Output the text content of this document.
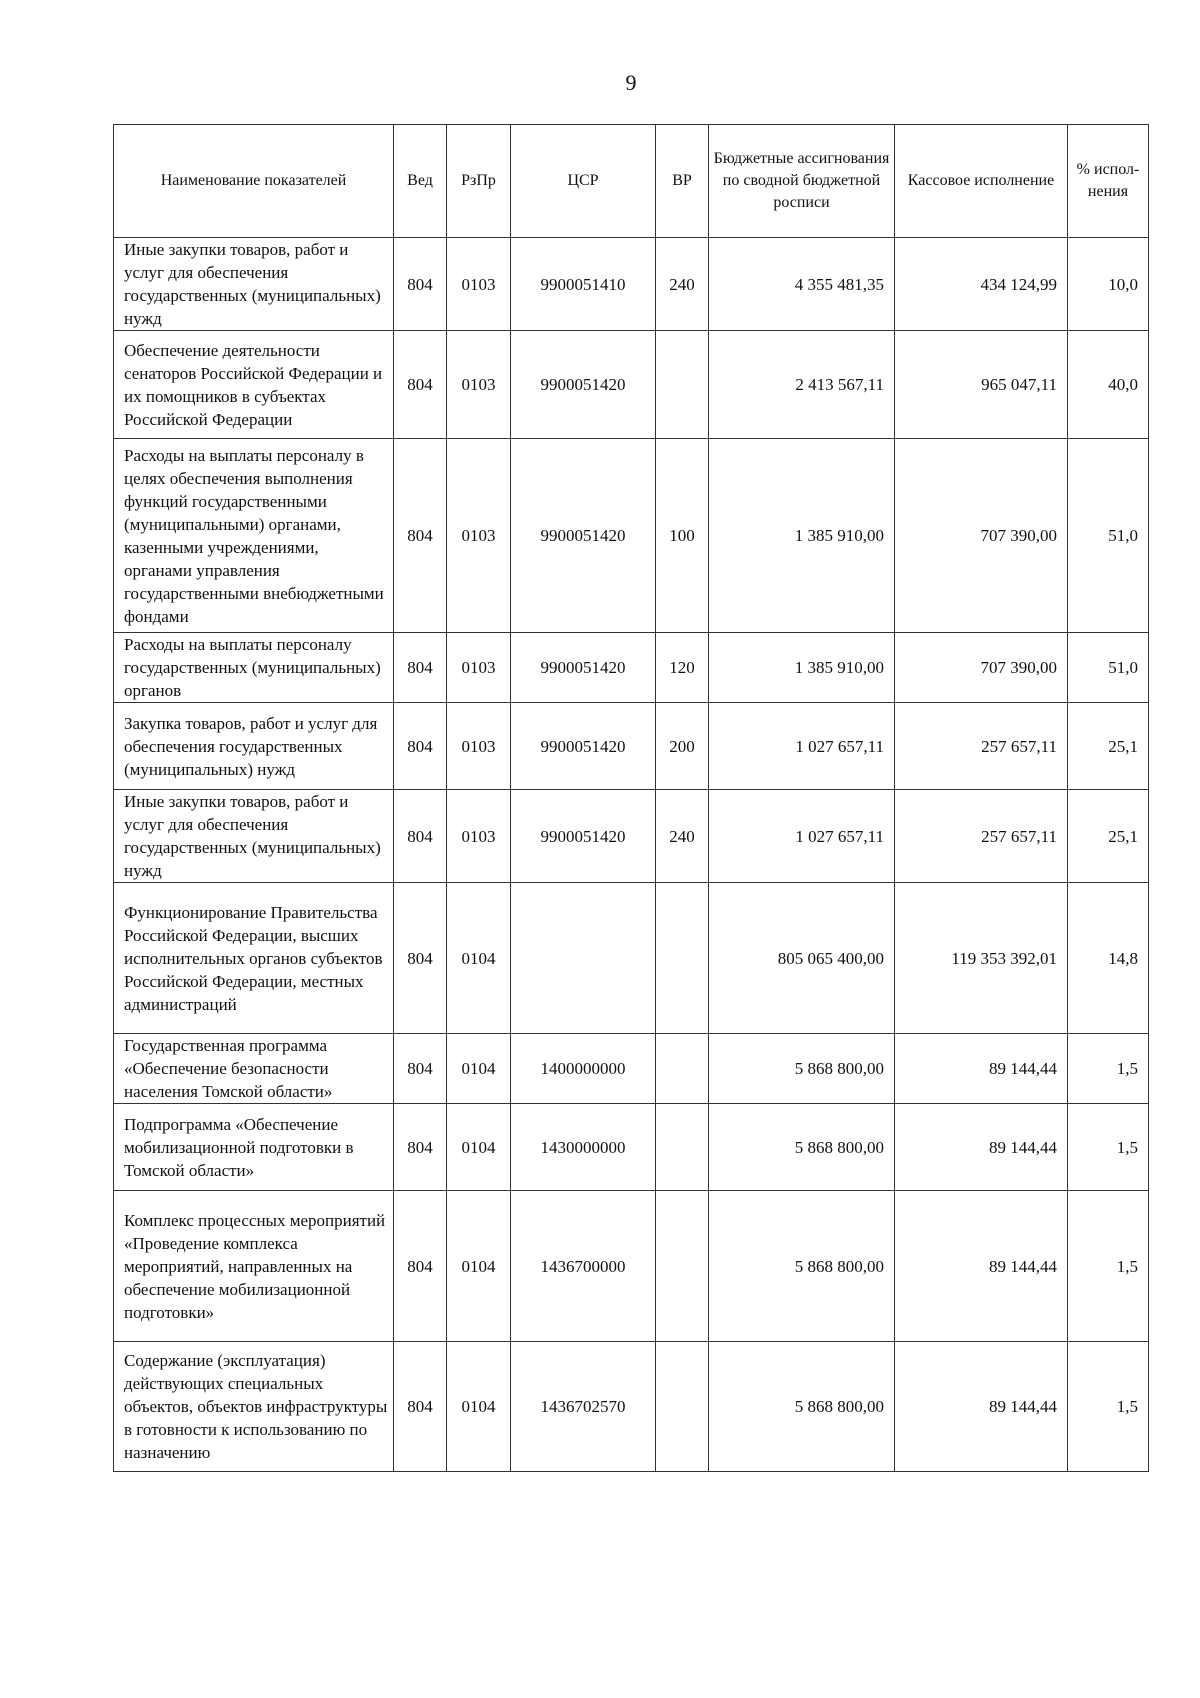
9
Наименование показателей	Вед	РзПр	ЦСР	ВР	Бюджетные ассигнования по сводной бюджетной росписи	Кассовое исполнение	% испол-нения
Иные закупки товаров, работ и услуг для обеспечения государственных (муниципальных) нужд	804	0103	9900051410	240	4 355 481,35	434 124,99	10,0
Обеспечение деятельности сенаторов Российской Федерации и их помощников в субъектах Российской Федерации	804	0103	9900051420		2 413 567,11	965 047,11	40,0
Расходы на выплаты персоналу в целях обеспечения выполнения функций государственными (муниципальными) органами, казенными учреждениями, органами управления государственными внебюджетными фондами	804	0103	9900051420	100	1 385 910,00	707 390,00	51,0
Расходы на выплаты персоналу государственных (муниципальных) органов	804	0103	9900051420	120	1 385 910,00	707 390,00	51,0
Закупка товаров, работ и услуг для обеспечения государственных (муниципальных) нужд	804	0103	9900051420	200	1 027 657,11	257 657,11	25,1
Иные закупки товаров, работ и услуг для обеспечения государственных (муниципальных) нужд	804	0103	9900051420	240	1 027 657,11	257 657,11	25,1
Функционирование Правительства Российской Федерации, высших исполнительных органов субъектов Российской Федерации, местных администраций	804	0104			805 065 400,00	119 353 392,01	14,8
Государственная программа «Обеспечение безопасности населения Томской области»	804	0104	1400000000		5 868 800,00	89 144,44	1,5
Подпрограмма «Обеспечение мобилизационной подготовки в Томской области»	804	0104	1430000000		5 868 800,00	89 144,44	1,5
Комплекс процессных мероприятий «Проведение комплекса мероприятий, направленных на обеспечение мобилизационной подготовки»	804	0104	1436700000		5 868 800,00	89 144,44	1,5
Содержание (эксплуатация) действующих специальных объектов, объектов инфраструктуры в готовности к использованию по назначению	804	0104	1436702570		5 868 800,00	89 144,44	1,5
